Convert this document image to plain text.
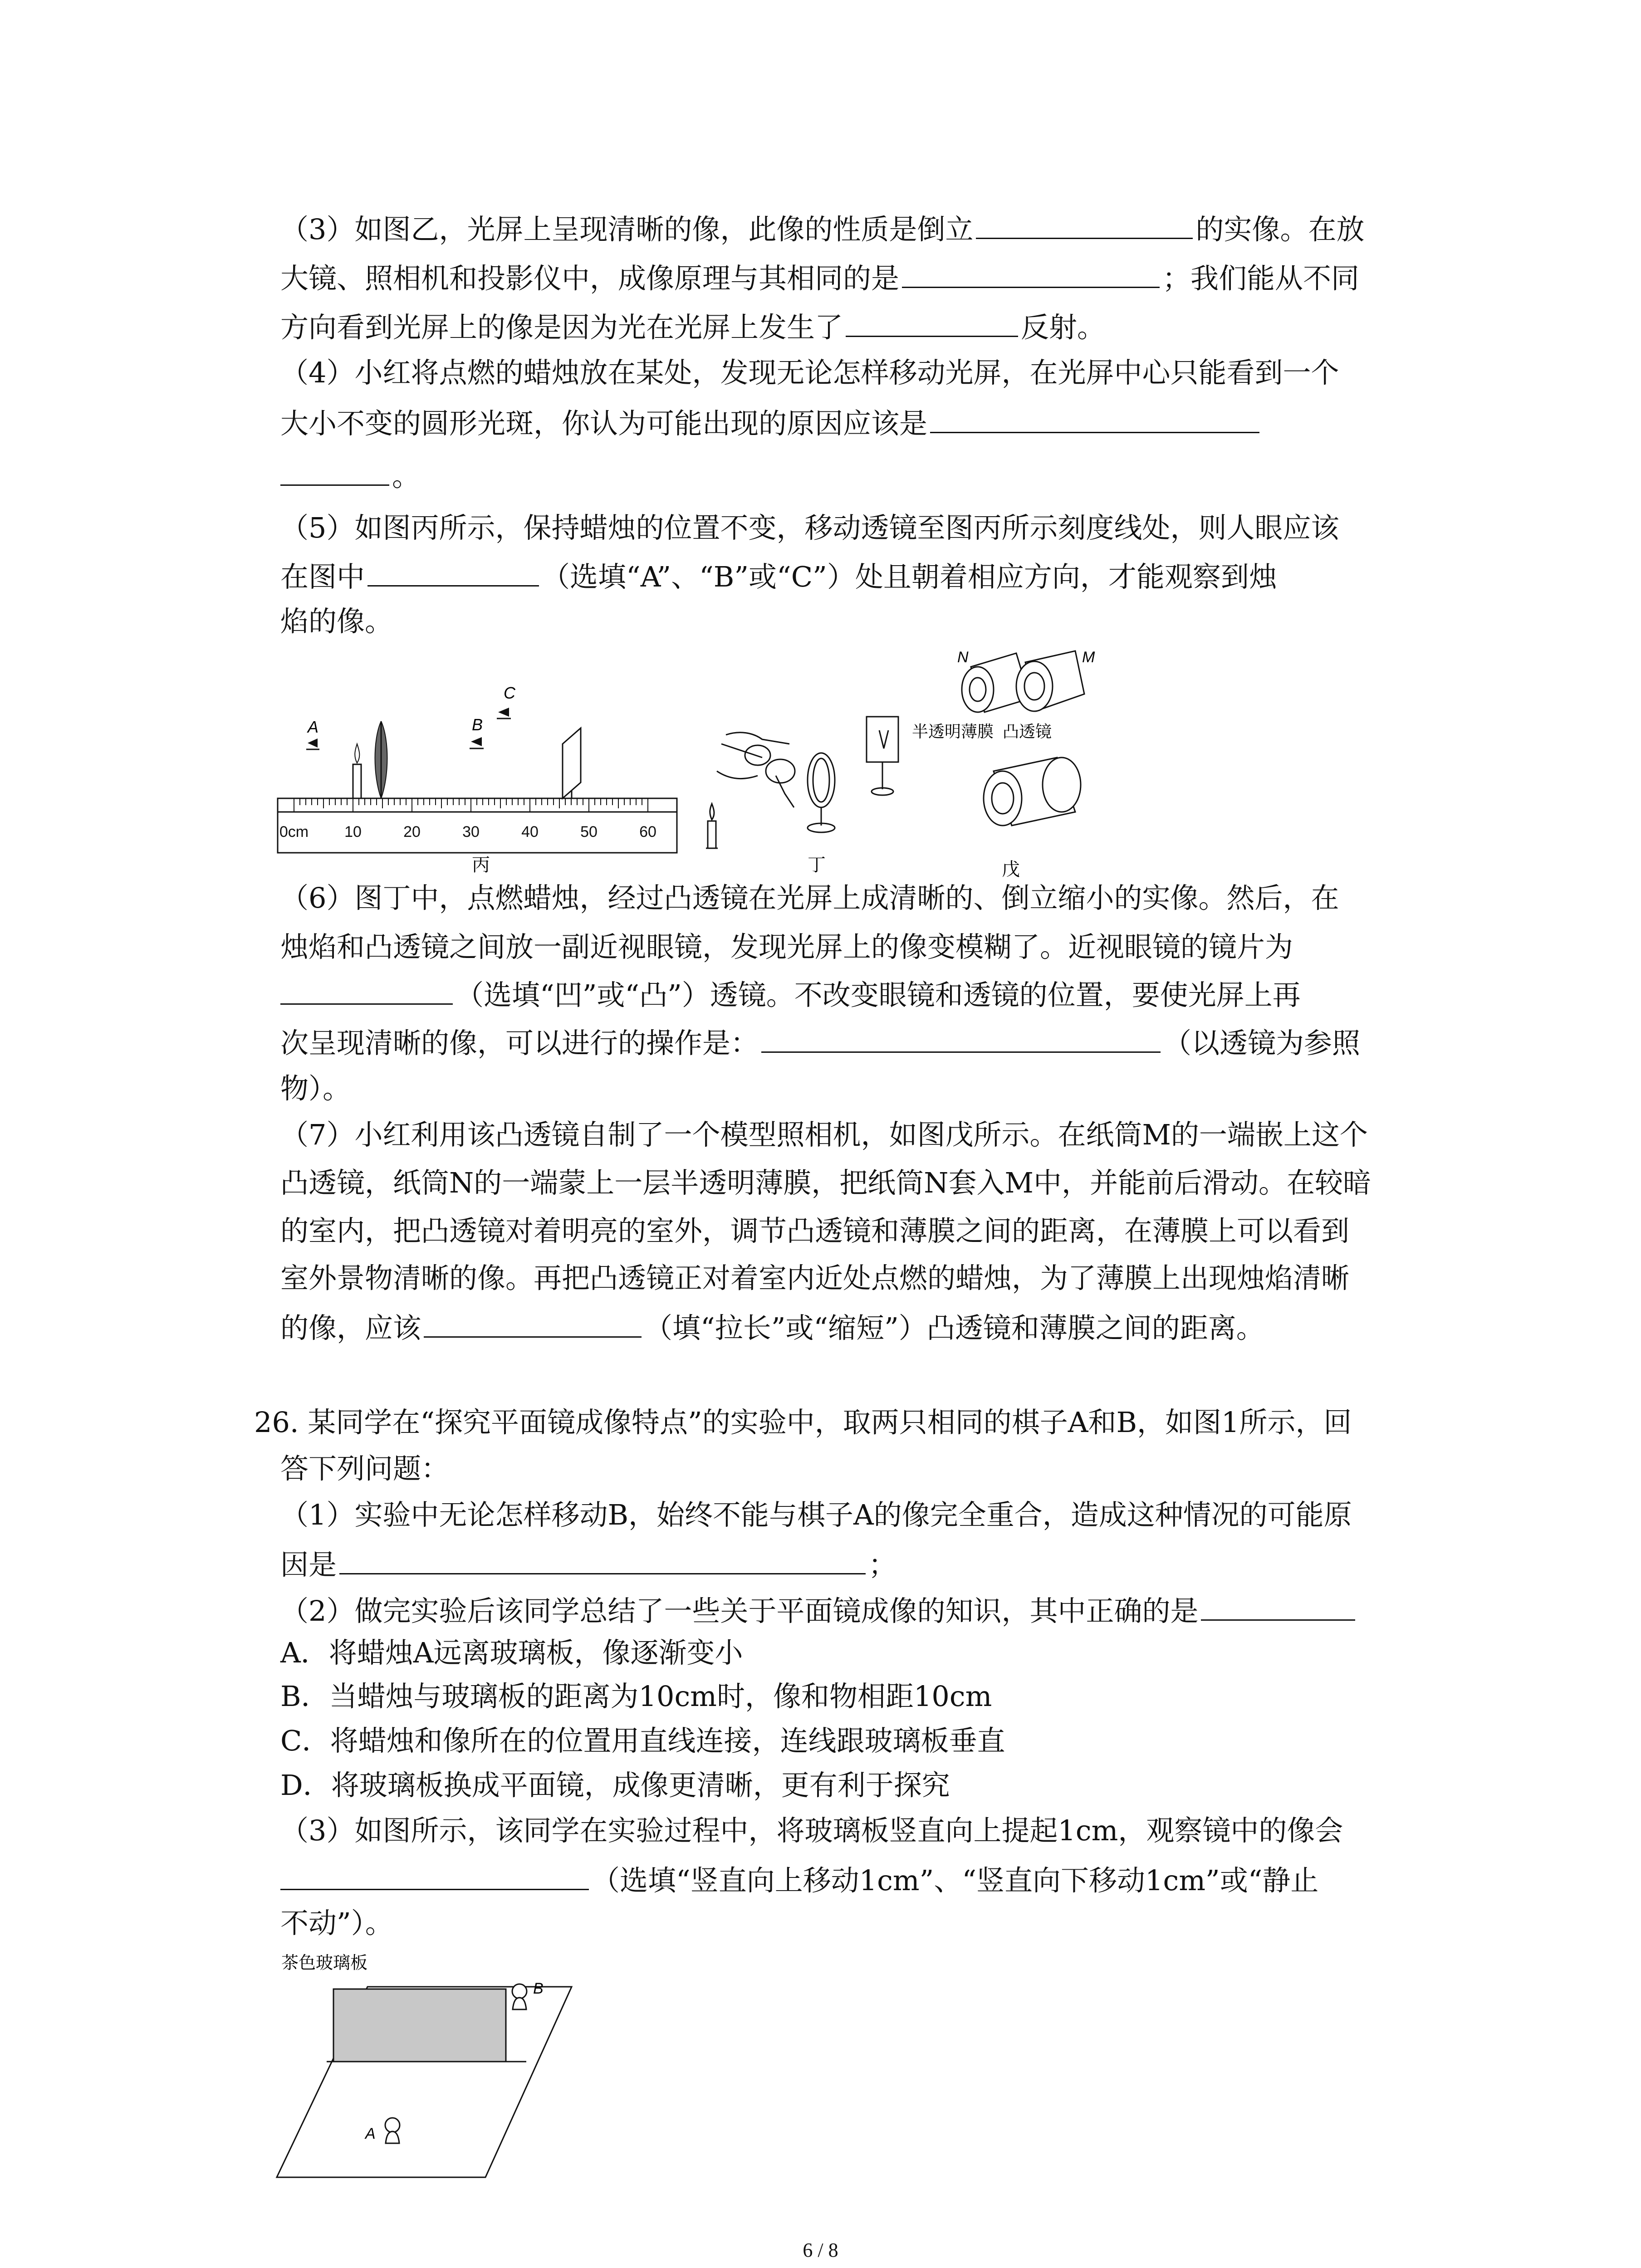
（3）如图乙，光屏上呈现清晰的像，此像的性质是倒立	的实像。在放
大镜、照相机和投影仪中，成像原理与其相同的是	；我们能从不同
方向看到光屏上的像是因为光在光屏上发生了	反射。
（4）小红将点燃的蜡烛放在某处，发现无论怎样移动光屏，在光屏中心只能看到一个
大小不变的圆形光斑，你认为可能出现的原因应该是
。
（5）如图丙所示，保持蜡烛的位置不变，移动透镜至图丙所示刻度线处，则人眼应该
在图中	（选填“A”、“B”或“C”）处且朝着相应方向，才能观察到烛
焰的像。
0cm 10	20	30	40	50	60
A	B
C
丙	丁
N	M
半透明薄膜 凸透镜
戊
（6）图丁中，点燃蜡烛，经过凸透镜在光屏上成清晰的、倒立缩小的实像。然后，在
烛焰和凸透镜之间放一副近视眼镜，发现光屏上的像变模糊了。近视眼镜的镜片为
（选填“凹”或“凸”）透镜。不改变眼镜和透镜的位置，要使光屏上再
次呈现清晰的像，可以进行的操作是：	（以透镜为参照
物）。
（7）小红利用该凸透镜自制了一个模型照相机，如图戊所示。在纸筒M的一端嵌上这个
凸透镜，纸筒N的一端蒙上一层半透明薄膜，把纸筒N套入M中，并能前后滑动。在较暗
的室内，把凸透镜对着明亮的室外，调节凸透镜和薄膜之间的距离，在薄膜上可以看到
室外景物清晰的像。再把凸透镜正对着室内近处点燃的蜡烛，为了薄膜上出现烛焰清晰
的像，应该	（填“拉长”或“缩短”）凸透镜和薄膜之间的距离。
26. 某同学在“探究平面镜成像特点”的实验中，取两只相同的棋子A和B，如图1所示，回
答下列问题：
（1）实验中无论怎样移动B，始终不能与棋子A的像完全重合，造成这种情况的可能原
因是	；
（2）做完实验后该同学总结了一些关于平面镜成像的知识，其中正确的是
A．将蜡烛A远离玻璃板，像逐渐变小
B．当蜡烛与玻璃板的距离为10cm时，像和物相距10cm
C．将蜡烛和像所在的位置用直线连接，连线跟玻璃板垂直
D．将玻璃板换成平面镜，成像更清晰，更有利于探究
（3）如图所示，该同学在实验过程中，将玻璃板竖直向上提起1cm，观察镜中的像会
（选填“竖直向上移动1cm”、“竖直向下移动1cm”或“静止
不动”）。
茶色玻璃板
B
A
6 / 8
